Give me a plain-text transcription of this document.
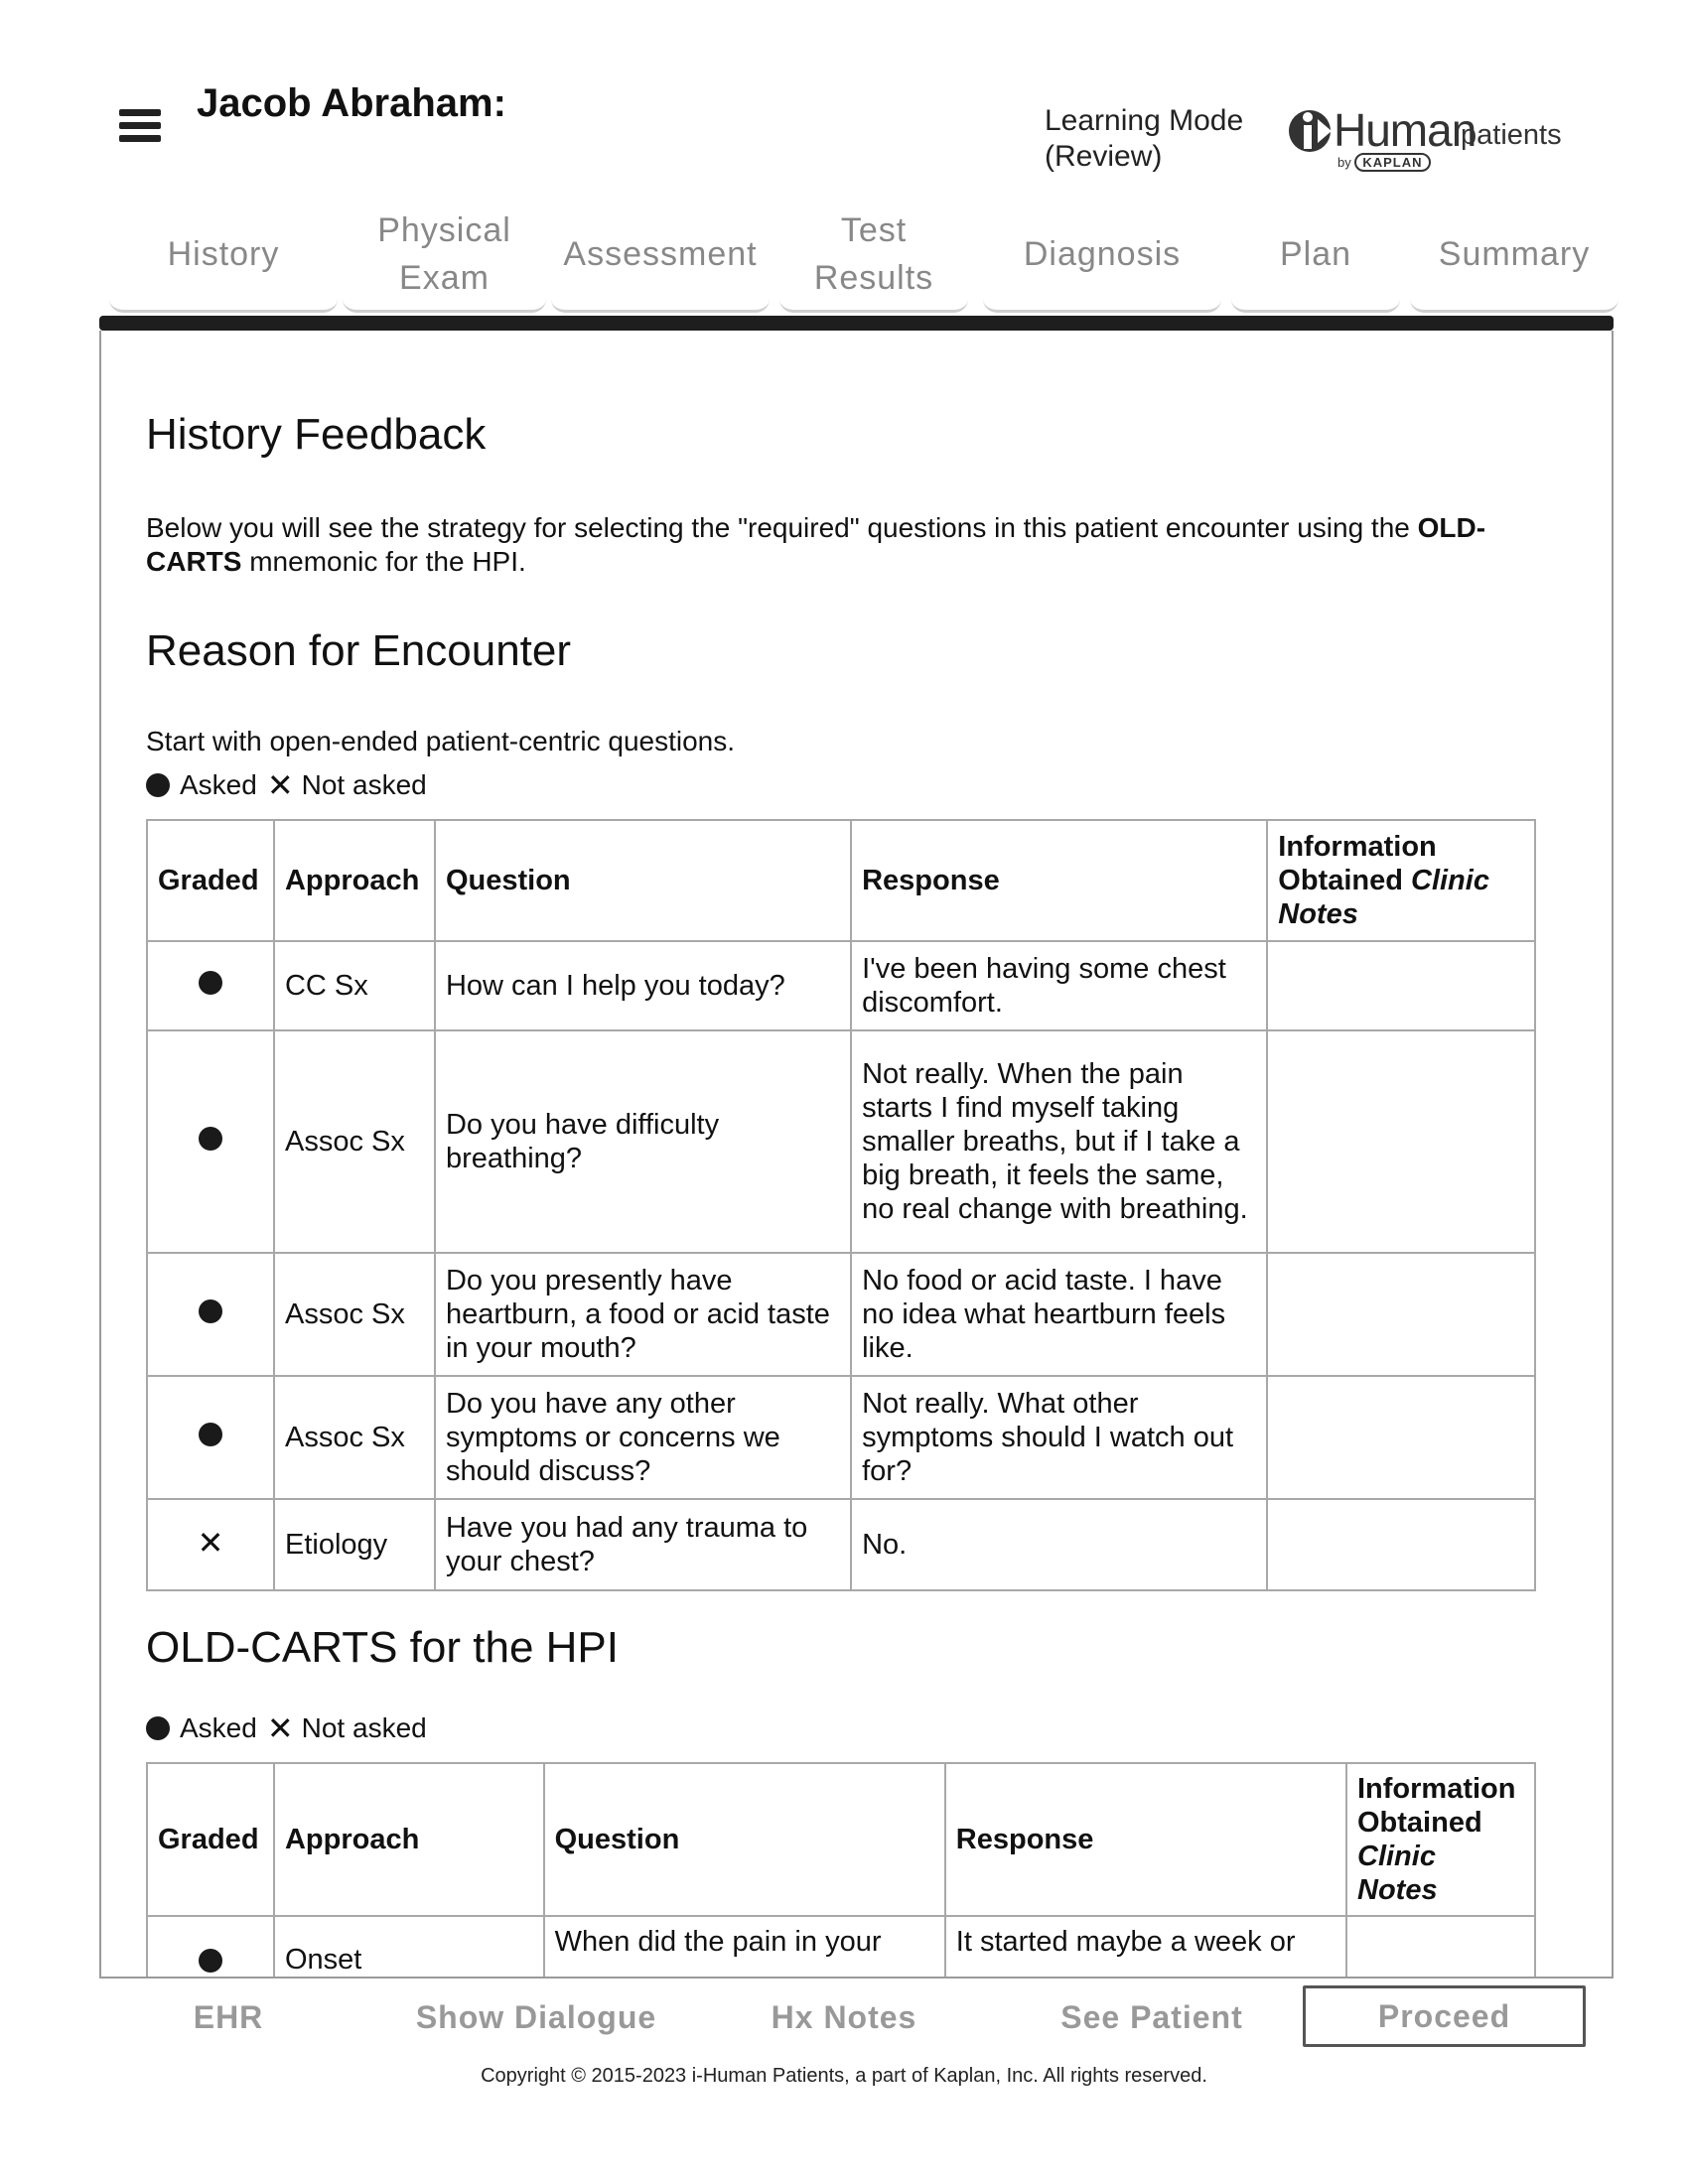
Jacob Abraham:	Learning Mode
(Review)
Human
patients
by KAPLAN
History
Physical
Exam
Assessment
Test
Results
Diagnosis	Plan	Summary
History Feedback

Below you will see the strategy for selecting the "required" questions in this patient encounter using the OLD-CARTS mnemonic for the HPI.

Reason for Encounter

Start with open-ended patient-centric questions.

Asked ✕ Not asked
Graded	Approach	Question	Response	Information
Obtained Clinic
Notes
	CC Sx	How can I help you today?	I've been having some chest discomfort.	
	Assoc Sx	Do you have difficulty breathing?	Not really. When the pain starts I find myself taking smaller breaths, but if I take a big breath, it feels the same, no real change with breathing.	
	Assoc Sx	Do you presently have heartburn, a food or acid taste in your mouth?	No food or acid taste. I have no idea what heartburn feels like.	
	Assoc Sx	Do you have any other symptoms or concerns we should discuss?	Not really. What other symptoms should I watch out for?	
✕	Etiology	Have you had any trauma to your chest?	No.	
OLD-CARTS for the HPI
Asked ✕ Not asked
Graded	Approach	Question	Response	Information
Obtained
Clinic
Notes
	Onset	When did the pain in your	It started maybe a week or	
EHR	Show Dialogue	Hx Notes	See Patient	Proceed
Copyright © 2015-2023 i-Human Patients, a part of Kaplan, Inc. All rights reserved.
